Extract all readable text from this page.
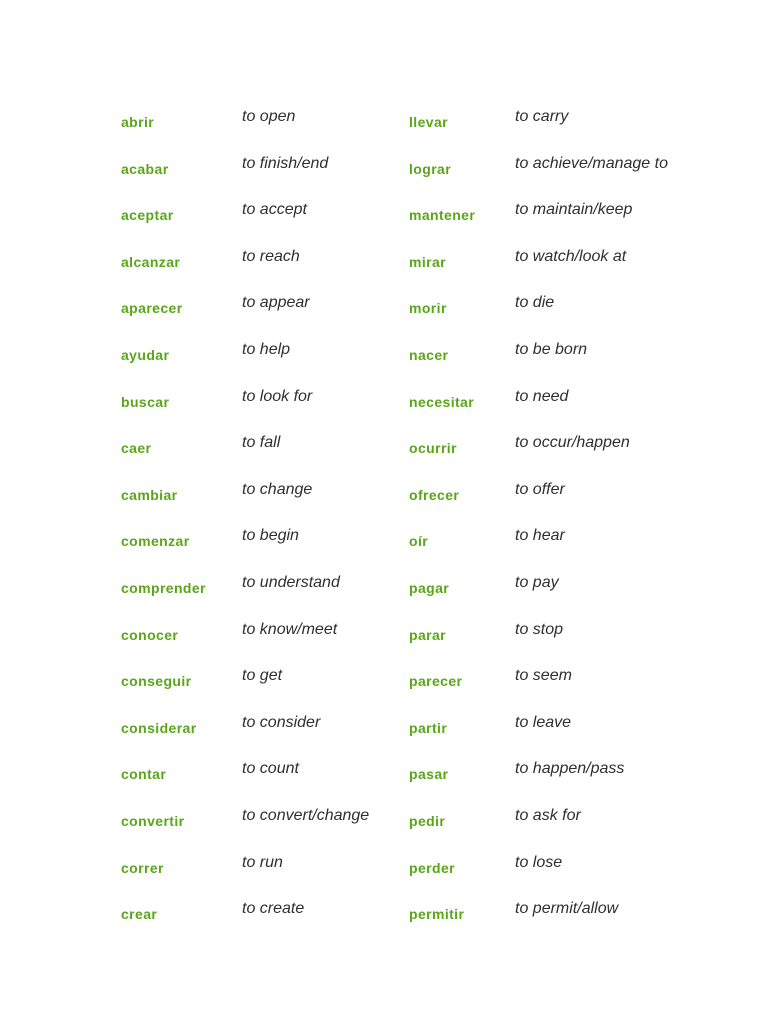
abrir	to open	llevar	to carry
acabar	to finish/end	lograr	to achieve/manage to
aceptar	to accept	mantener to maintain/keep
alcanzar	to reach	mirar	to watch/look at
aparecer	to appear	morir	to die
ayudar	to help	nacer	to be born
buscar	to look for	necesitar	to need
caer	to fall	ocurrir	to occur/happen
cambiar	to change	ofrecer	to offer
comenzar	to begin	oír	to hear
comprender to understand	pagar	to pay
conocer	to know/meet	parar	to stop
conseguir	to get	parecer	to seem
considerar	to consider	partir	to leave
contar	to count	pasar	to happen/pass
convertir	to convert/change	pedir	to ask for
correr	to run	perder	to lose
crear	to create	permitir	to permit/allow
